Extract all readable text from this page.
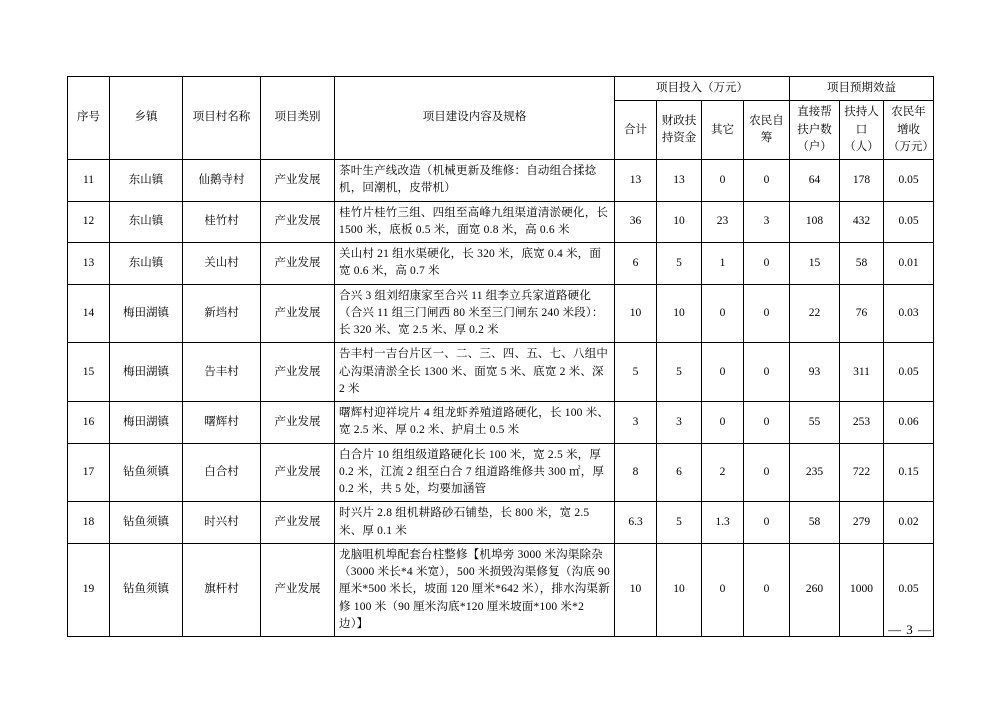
序号	乡镇	项目村名称	项目类别	项目建设内容及规格	项目投入（万元）				项目预期效益		
					合计	财政扶持资金	其它	农民自筹	直接帮扶户数（户）	扶持人口（人）	农民年增收（万元）
11	东山镇	仙鹅寺村	产业发展	茶叶生产线改造（机械更新及维修：自动组合揉捻机，回潮机，皮带机）	13	13	0	0	64	178	0.05
12	东山镇	桂竹村	产业发展	桂竹片桂竹三组、四组至高峰九组渠道清淤硬化，长 1500 米，底板 0.5 米，面宽 0.8 米，高 0.6 米	36	10	23	3	108	432	0.05
13	东山镇	关山村	产业发展	关山村 21 组水渠硬化，长 320 米，底宽 0.4 米，面宽 0.6 米，高 0.7 米	6	5	1	0	15	58	0.01
14	梅田湖镇	新垱村	产业发展	合兴 3 组刘绍康家至合兴 11 组李立兵家道路硬化（合兴 11 组三门闸西 80 米至三门闸东 240 米段）：长 320 米、宽 2.5 米、厚 0.2 米	10	10	0	0	22	76	0.03
15	梅田湖镇	告丰村	产业发展	告丰村一吉台片区一、二、三、四、五、七、八组中心沟渠清淤全长 1300 米、面宽 5 米、底宽 2 米、深 2 米	5	5	0	0	93	311	0.05
16	梅田湖镇	曙辉村	产业发展	曙辉村迎祥垸片 4 组龙虾养殖道路硬化，长 100 米、宽 2.5 米、厚 0.2 米、护肩土 0.5 米	3	3	0	0	55	253	0.06
17	钻鱼须镇	白合村	产业发展	白合片 10 组组级道路硬化长 100 米，宽 2.5 米，厚 0.2 米，江流 2 组至白合 7 组道路维修共 300 ㎡，厚 0.2 米，共 5 处，均要加涵管	8	6	2	0	235	722	0.15
18	钻鱼须镇	时兴村	产业发展	时兴片 2.8 组机耕路砂石铺垫，长 800 米，宽 2.5 米、厚 0.1 米	6.3	5	1.3	0	58	279	0.02
19	钻鱼须镇	旗杆村	产业发展	龙脑咀机埠配套台柱整修【机埠旁 3000 米沟渠除杂（3000 米长*4 米宽），500 米损毁沟渠修复（沟底 90 厘米*500 米长，坡面 120 厘米*642 米），排水沟渠新修 100 米（90 厘米沟底*120 厘米坡面*100 米*2 边）】	10	10	0	0	260	1000	0.05
— 3 —
